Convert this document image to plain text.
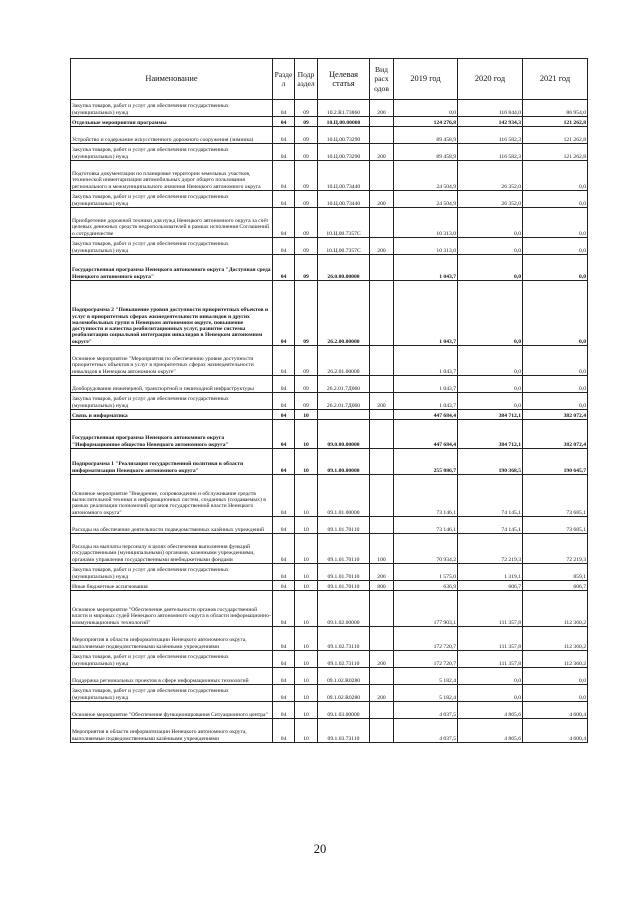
Наименование	Разде л	Подр аздел	Целевая статья	Вид расх одов	2019 год	2020 год	2021 год
Закупка товаров, работ и услуг для обеспечения государственных (муниципальных) нужд	04	09	10.2.R1.73860	200	0,0	116 844,0	86 954,0
Отдельные мероприятия программы	04	09	10.Ц.00.00000		124 276,8	142 934,3	121 262,8
Устройство и содержание искусственного дорожного сооружения (зимника)	04	09	10.Ц.00.73290		89 458,9	116 582,3	121 262,8
Закупка товаров, работ и услуг для обеспечения государственных (муниципальных) нужд	04	09	10.Ц.00.73290	200	89 458,9	116 582,3	121 262,8
Подготовка документации по планировке территории земельных участков, технической инвентаризации автомобильных дорог общего пользования регионального и межмуниципального значения Ненецкого автономного округа	04	09	10.Ц.00.73440		24 504,9	26 352,0	0,0
Закупка товаров, работ и услуг для обеспечения государственных (муниципальных) нужд	04	09	10.Ц.00.73440	200	24 504,9	26 352,0	0,0
Приобретение дорожной техники для нужд Ненецкого автономного округа за счёт целевых денежных средств недропользователей в рамках исполнения Соглашений о сотрудничестве	04	09	10.Ц.00.7357С		10 313,0	0,0	0,0
Закупка товаров, работ и услуг для обеспечения государственных (муниципальных) нужд	04	09	10.Ц.00.7357С	200	10 313,0	0,0	0,0
Государственная программа Ненецкого автономного округа "Доступная среда Ненецкого автономного округа"	04	09	26.0.00.00000		1 043,7	0,0	0,0
Подпрограмма 2 "Повышение уровня доступности приоритетных объектов и услуг в приоритетных сферах жизнедеятельности инвалидов и других маломобильных групп в Ненецком автономном округе, повышение доступности и качества реабилитационных услуг, развитие системы реабилитации социальной интеграции инвалидов в Ненецком автономном округе"	04	09	26.2.00.00000		1 043,7	0,0	0,0
Основное мероприятие "Мероприятия по обеспечению уровня доступности приоритетных объектов и услуг в приоритетных сферах жизнедеятельности инвалидов в Ненецком автономном округе"	04	09	26.2.01.00000		1 043,7	0,0	0,0
Дооборудование инженерной, транспортной и пешеходной инфраструктуры	04	09	26.2.01.7Д060		1 043,7	0,0	0,0
Закупка товаров, работ и услуг для обеспечения государственных (муниципальных) нужд	04	09	26.2.01.7Д060	200	1 043,7	0,0	0,0
Связь и информатика	04	10			447 684,4	384 712,1	382 072,4
Государственная программа Ненецкого автономного округа "Информационное общество Ненецкого автономного округа"	04	10	09.0.00.00000		447 684,4	384 712,1	382 072,4
Подпрограмма 1 "Реализация государственной политики в области информатизации Ненецкого автономного округа"	04	10	09.1.00.00000		255 086,7	190 368,5	190 645,7
Основное мероприятие "Внедрение, сопровождение и обслуживание средств вычислительной техники и информационных систем, созданных (создаваемых) в рамках реализации полномочий органов государственной власти Ненецкого автономного округа"	04	10	09.1.01.00000		73 146,1	74 145,1	73 685,1
Расходы на обеспечение деятельности подведомственных казённых учреждений	04	10	09.1.01.70110		73 146,1	74 145,1	73 685,1
Расходы на выплаты персоналу в целях обеспечения выполнения функций государственными (муниципальными) органами, казенными учреждениями, органами управления государственными внебюджетными фондами	04	10	09.1.01.70110	100	70 934,2	72 219,3	72 219,3
Закупка товаров, работ и услуг для обеспечения государственных (муниципальных) нужд	04	10	09.1.01.70110	200	1 575,0	1 319,1	859,1
Иные бюджетные ассигнования	04	10	09.1.01.70110	800	636,9	606,7	606,7
Основное мероприятие "Обеспечение деятельности органов государственной власти и мировых судей Ненецкого автономного округа в области информационно-коммуникационных технологий"	04	10	09.1.02.00000		177 903,1	111 357,8	112 360,2
Мероприятия в области информатизации Ненецкого автономного округа, выполняемые подведомственными казёнными учреждениями	04	10	09.1.02.73110		172 720,7	111 357,8	112 360,2
Закупка товаров, работ и услуг для обеспечения государственных (муниципальных) нужд	04	10	09.1.02.73110	200	172 720,7	111 357,8	112 360,2
Поддержка региональных проектов в сфере информационных технологий	04	10	09.1.02.R0280		5 182,4	0,0	0,0
Закупка товаров, работ и услуг для обеспечения государственных (муниципальных) нужд	04	10	09.1.02.R0280	200	5 182,4	0,0	0,0
Основное мероприятие "Обеспечение функционирования Ситуационного центра"	04	10	09.1.03.00000		4 037,5	4 865,6	4 600,4
Мероприятия в области информатизации Ненецкого автономного округа, выполняемые подведомственными казёнными учреждениями	04	10	09.1.03.73110		4 037,5	4 865,6	4 600,4
20
